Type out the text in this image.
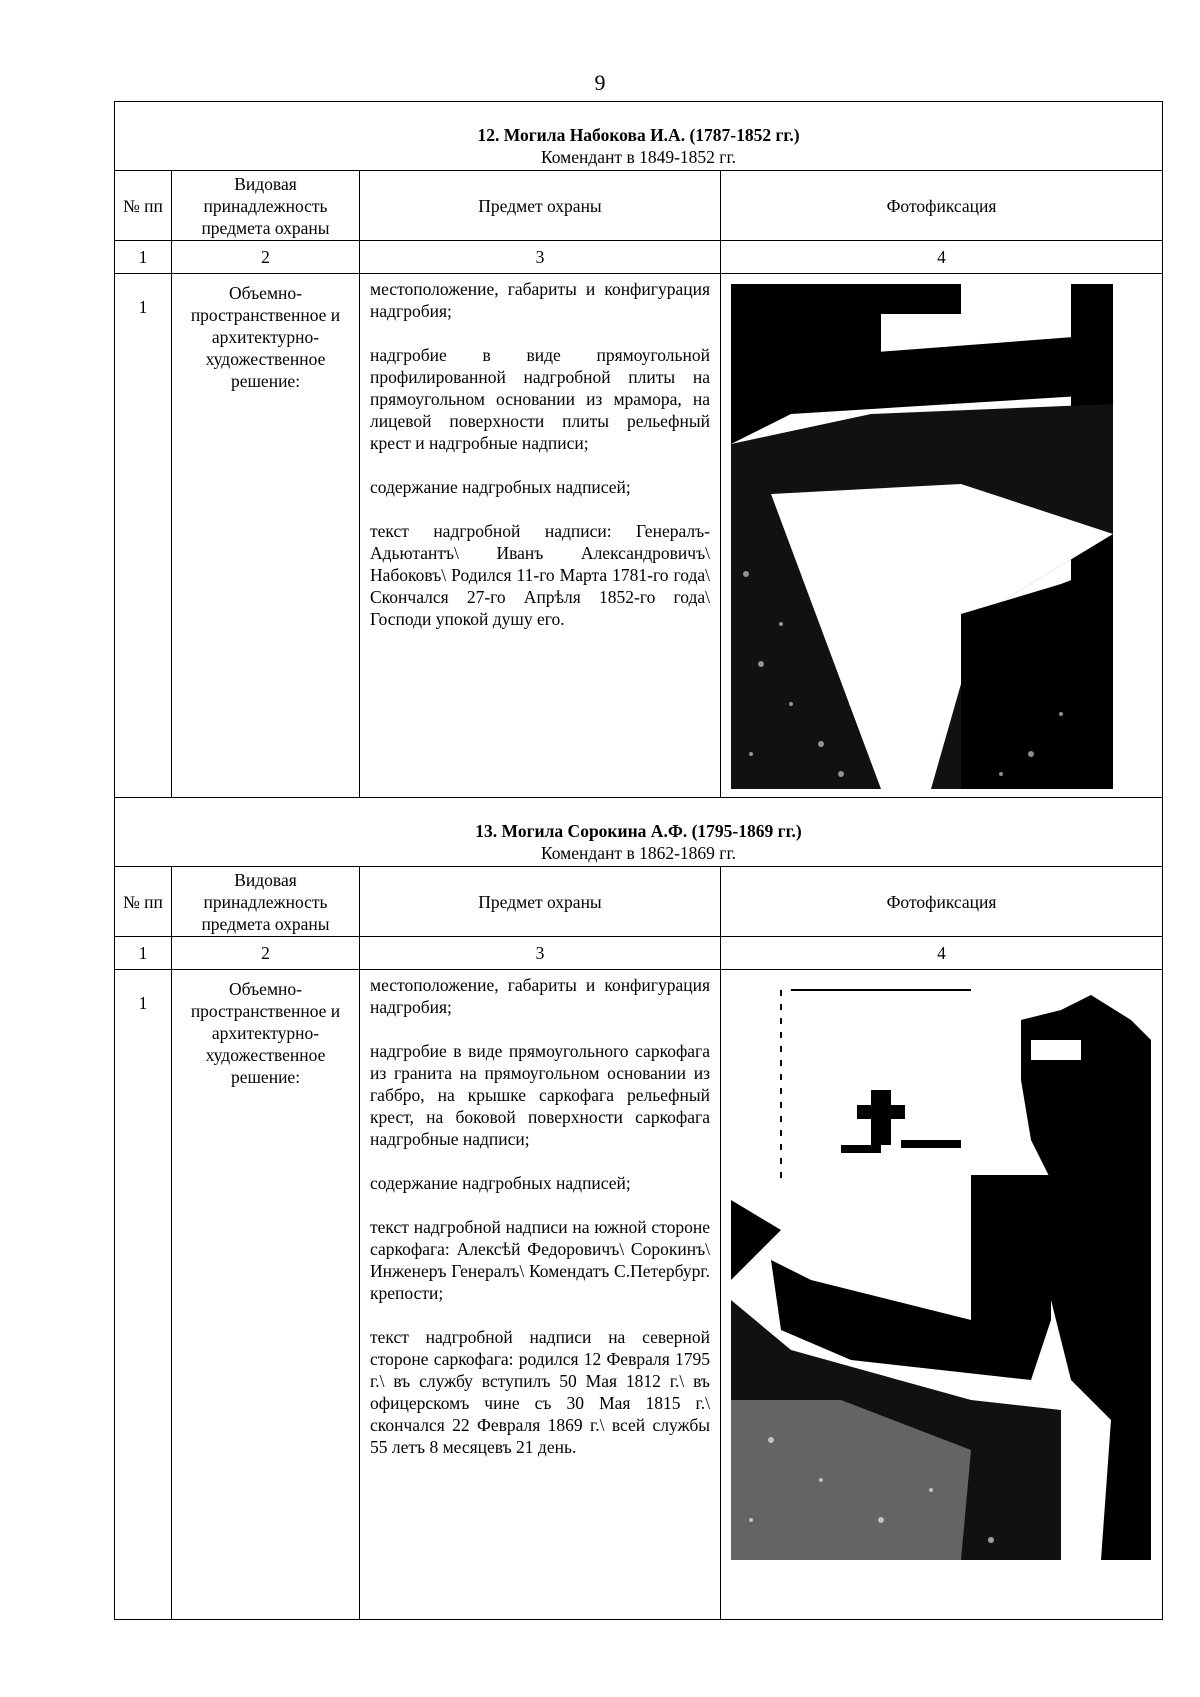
9
12. Могила Набокова И.А. (1787-1852 гг.)
Комендант в 1849-1852 гг.			
№ пп	Видовая принадлежность предмета охраны	Предмет охраны	Фотофиксация
1	2	3	4
1	Объемно-пространственное и архитектурно-художественное решение:	местоположение, габариты и конфигурация надгробия;

надгробие в виде прямоугольной профилированной надгробной плиты на прямоугольном основании из мрамора, на лицевой поверхности плиты рельефный крест и надгробные надписи;

содержание надгробных надписей;

текст надгробной надписи: Генералъ-Адьютантъ\ Иванъ Александровичъ\ Набоковъ\ Родился 11-го Марта 1781-го года\ Скончался 27-го Апрѣля 1852-го года\ Господи упокой душу его.

13. Могила Сорокина А.Ф. (1795-1869 гг.)
Комендант в 1862-1869 гг.			
№ пп	Видовая принадлежность предмета охраны	Предмет охраны	Фотофиксация
1	2	3	4
1	Объемно-пространственное и архитектурно-художественное решение:	местоположение, габариты и конфигурация надгробия;

надгробие в виде прямоугольного саркофага из гранита на прямоугольном основании из габбро, на крышке саркофага рельефный крест, на боковой поверхности саркофага надгробные надписи;

содержание надгробных надписей;

текст надгробной надписи на южной стороне саркофага: Алексѣй Федоровичъ\ Сорокинъ\ Инженеръ Генералъ\ Комендатъ С.Петербург. крепости;

текст надгробной надписи на северной стороне саркофага: родился 12 Февраля 1795 г.\ въ службу вступилъ 50 Мая 1812 г.\ въ офицерскомъ чине съ 30 Мая 1815 г.\ скончался 22 Февраля 1869 г.\ всей службы 55 летъ 8 месяцевъ 21 день.
